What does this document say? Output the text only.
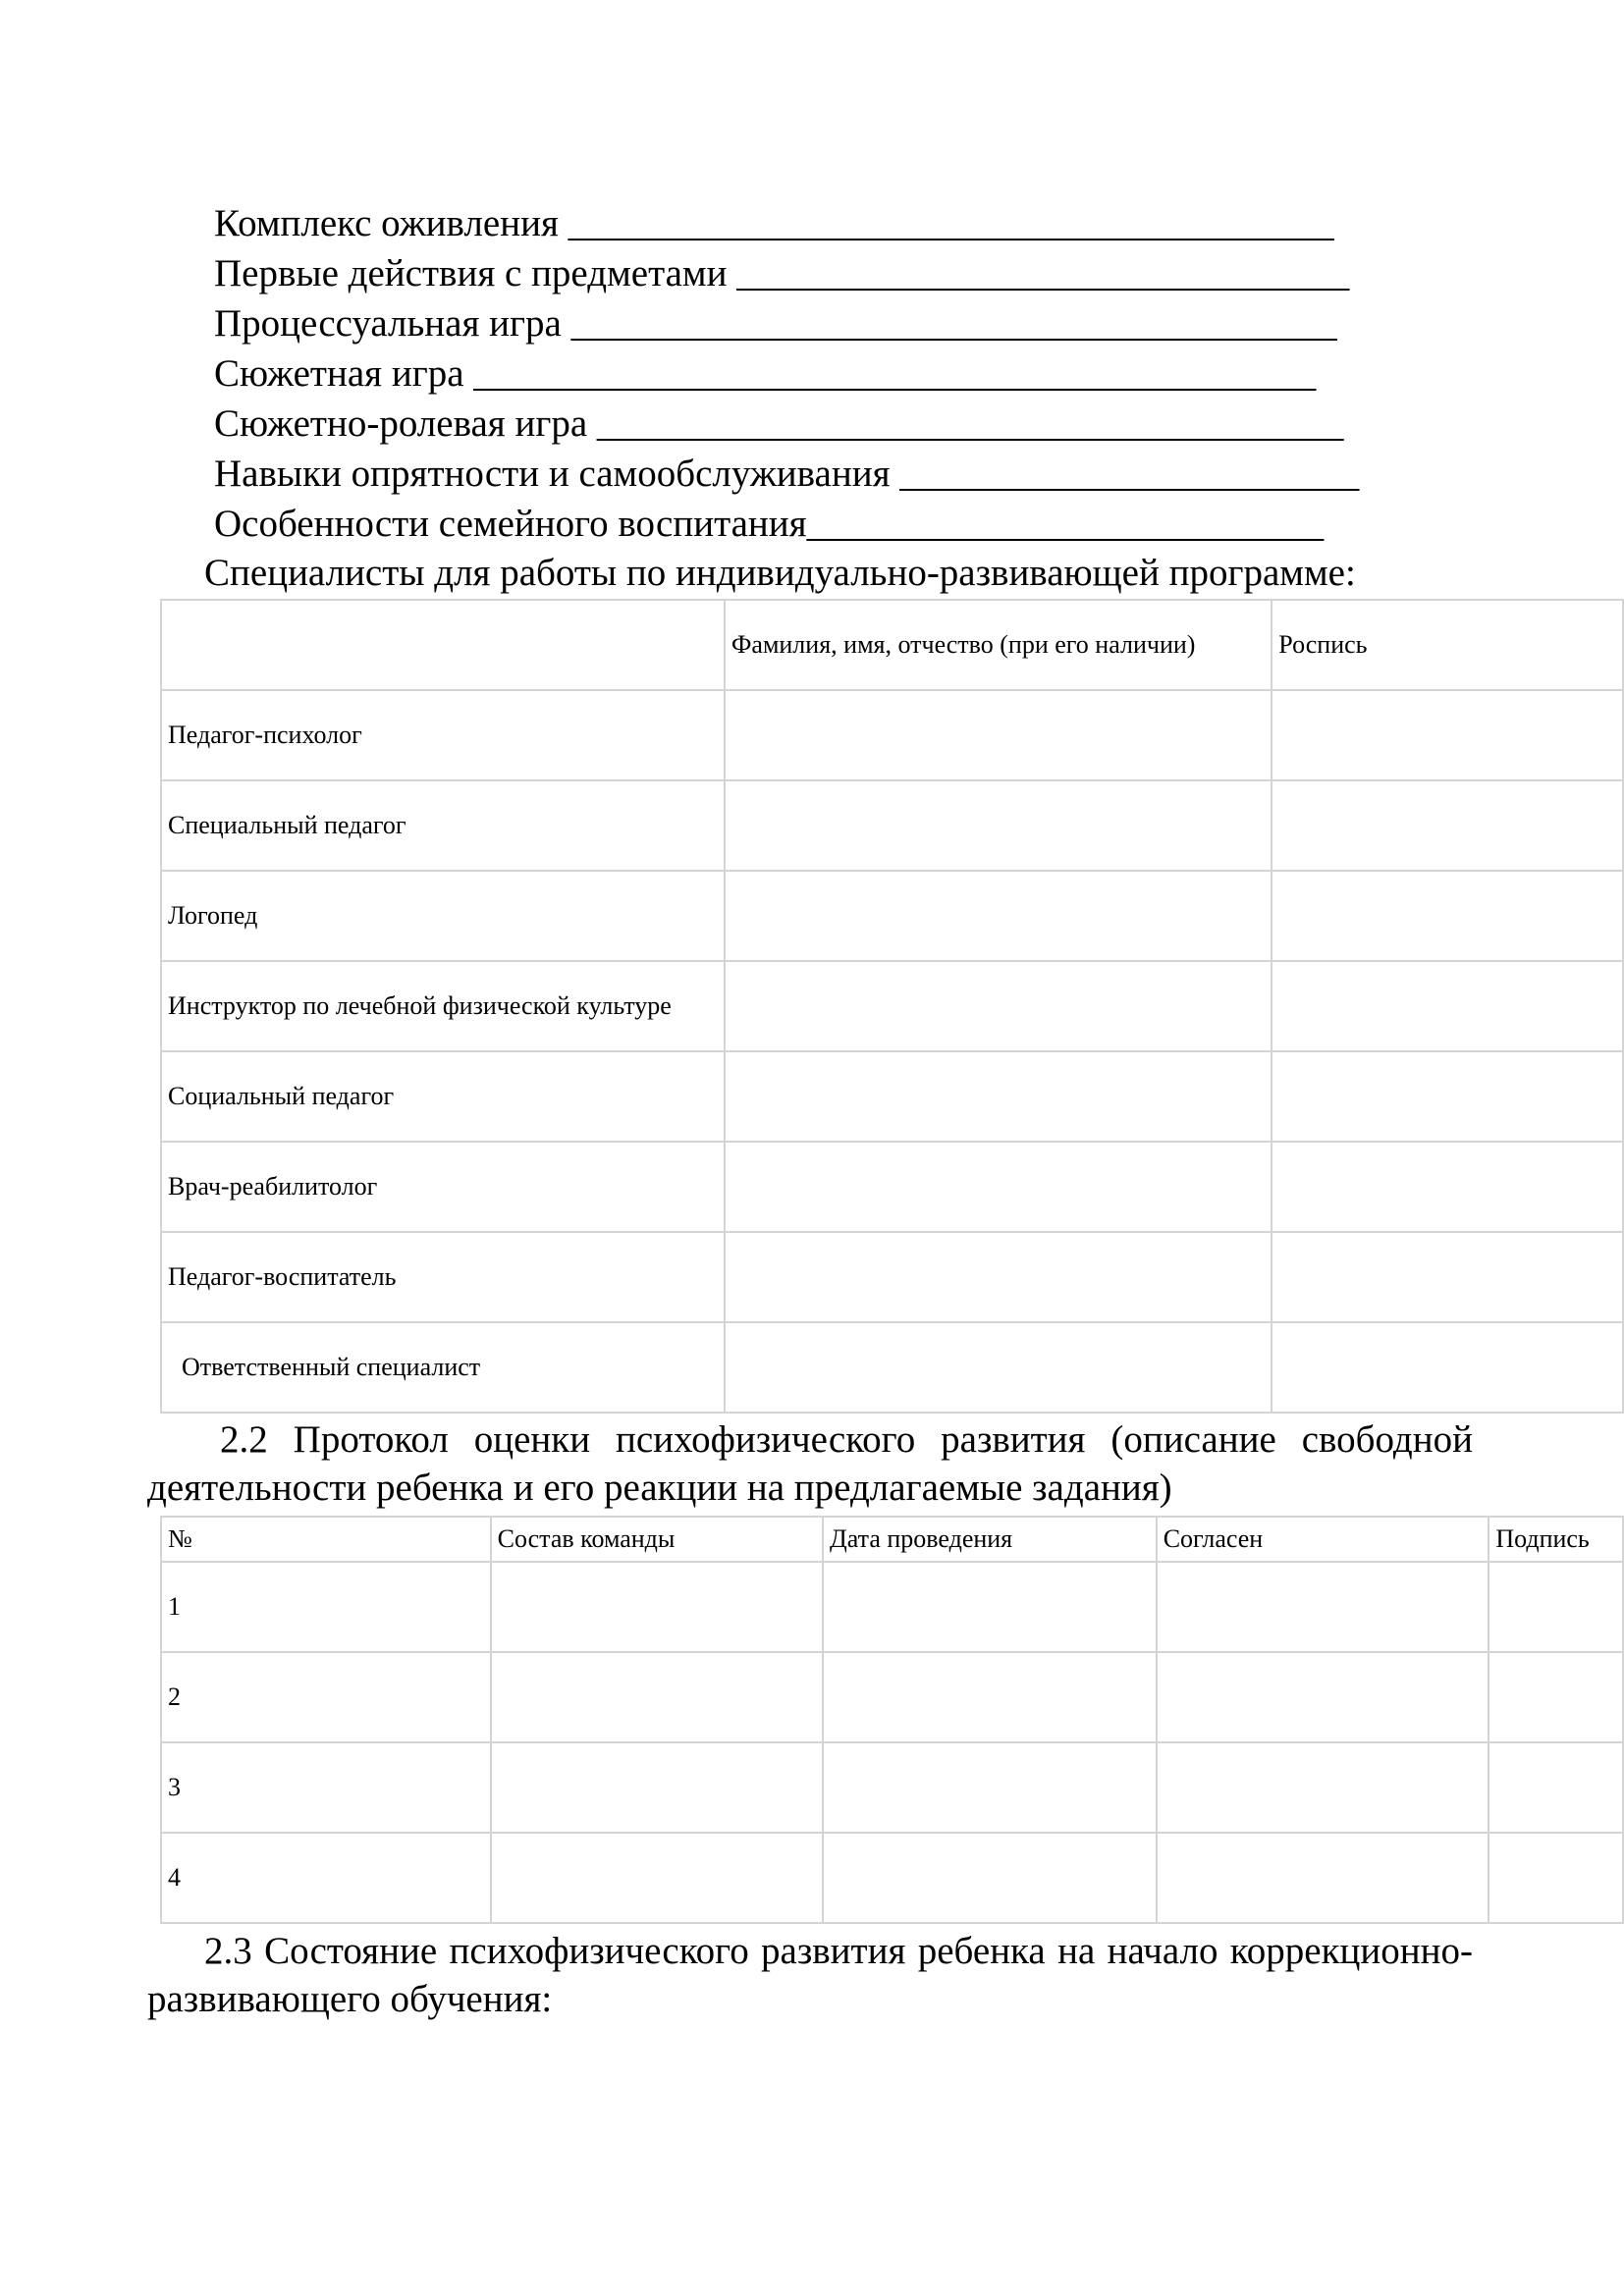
Комплекс оживления ________________________________________
Первые действия с предметами ________________________________
Процессуальная игра ________________________________________
Сюжетная игра ____________________________________________
Сюжетно-ролевая игра _______________________________________
Навыки опрятности и самообслуживания ________________________
Особенности семейного воспитания___________________________
Специалисты для работы по индивидуально-развивающей программе:
	Фамилия, имя, отчество (при его наличии)	Роспись
Педагог-психолог		
Специальный педагог		
Логопед		
Инструктор по лечебной физической культуре		
Социальный педагог		
Врач-реабилитолог		
Педагог-воспитатель		
Ответственный специалист		
2.2 Протокол оценки психофизического развития (описание свободной
деятельности ребенка и его реакции на предлагаемые задания)
№	Состав команды	Дата проведения	Согласен	Подпись
1				
2				
3				
4				
2.3 Состояние психофизического развития ребенка на начало коррекционно-
развивающего обучения:
